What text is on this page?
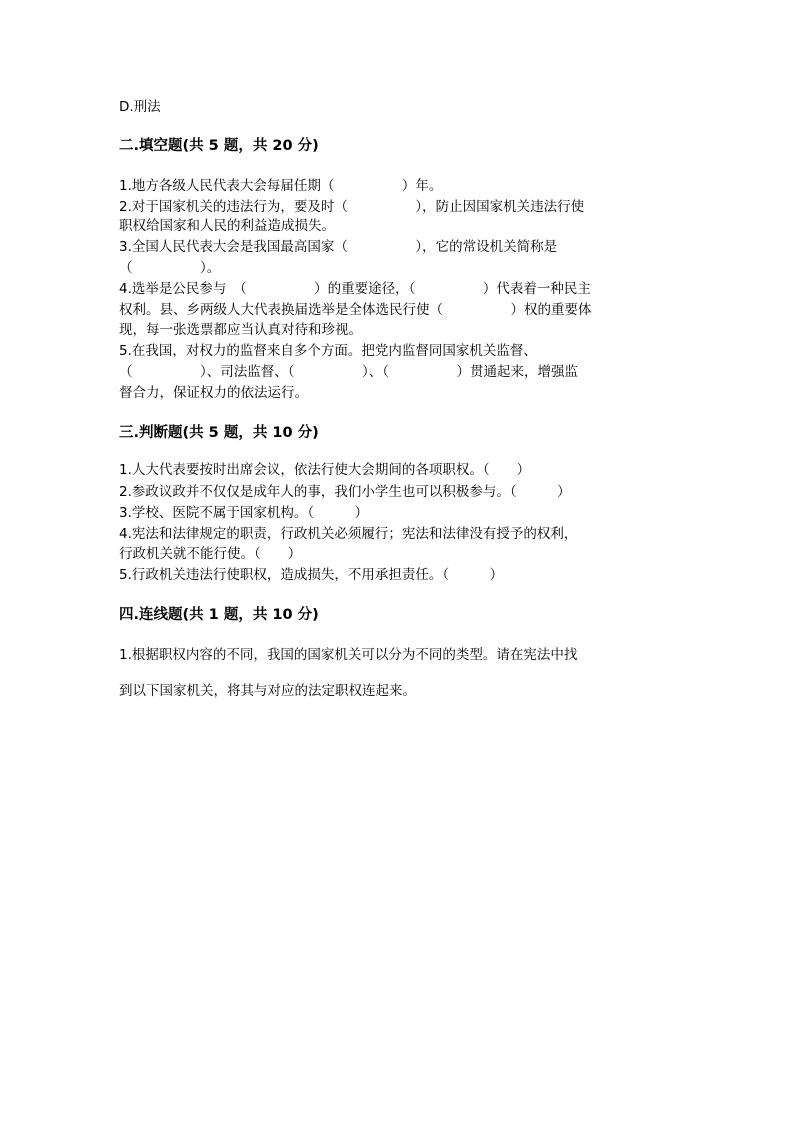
D.刑法
二.填空题(共 5 题，共 20 分)
1.地方各级人民代表大会每届任期（　　　　　）年。
2.对于国家机关的违法行为，要及时（　　　　　），防止因国家机关违法行使
职权给国家和人民的利益造成损失。
3.全国人民代表大会是我国最高国家（　　　　　），它的常设机关简称是
（　　　　　）。
4.选举是公民参与　（　　　　　）的重要途径，（　　　　　）代表着一种民主
权利。县、乡两级人大代表换届选举是全体选民行使（　　　　　）权的重要体
现，每一张选票都应当认真对待和珍视。
5.在我国，对权力的监督来自多个方面。把党内监督同国家机关监督、
（　　　　　）、司法监督、（　　　　　）、（　　　　　）贯通起来，增强监
督合力，保证权力的依法运行。
三.判断题(共 5 题，共 10 分)
1.人大代表要按时出席会议，依法行使大会期间的各项职权。（　　）
2.参政议政并不仅仅是成年人的事，我们小学生也可以积极参与。（　　　）
3.学校、医院不属于国家机构。（　　　）
4.宪法和法律规定的职责，行政机关必须履行；宪法和法律没有授予的权利，
行政机关就不能行使。（　　）
5.行政机关违法行使职权，造成损失，不用承担责任。（　　　）
四.连线题(共 1 题，共 10 分)
1.根据职权内容的不同，我国的国家机关可以分为不同的类型。请在宪法中找
到以下国家机关，将其与对应的法定职权连起来。
